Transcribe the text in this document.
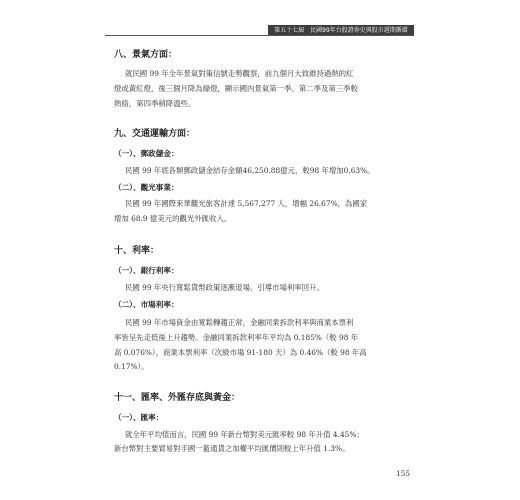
第五十七屆　民國99年台股證券史與股市週期循環
八、景氣方面：
就民國 99 年全年景氣對策信號走勢觀察，前九個月大致維持過熱的紅
燈或黃紅燈，後三個月降為綠燈，顯示國內景氣第一季、第二季及第三季較
熱絡，第四季稍降溫些。
九、交通運輸方面：
（一）、郵政儲金：
民國 99 年底各類郵政儲金結存金額46,250.88億元，較98 年增加0.63%。
（二）、觀光事業：
民國 99 年國際來華觀光旅客計達 5,567,277 人，增幅 26.67%，為國家
增加 68.9 億美元的觀光外匯收入。
十、利率：
（一）、銀行利率：
民國 99 年央行寬鬆貨幣政策逐漸退場，引導市場利率回升。
（二）、市場利率：
民國 99 年市場資金由寬鬆轉趨正常，金融同業拆款利率與商業本票利
率皆呈先走低後上升趨勢。金融同業拆款利率年平均為 0.185%（較 98 年
高 0.076%），商業本票利率（次級市場 91-180 天）為 0.46%（較 98 年高
0.17%）。
十一、匯率、外匯存底與黃金：
（一）、匯率：
就全年平均值而言，民國 99 年新台幣對美元匯率較 98 年升值 4.45%；
新台幣對主要貿易對手國一籃通貨之加權平均匯價則較上年升值 1.3%。
155
